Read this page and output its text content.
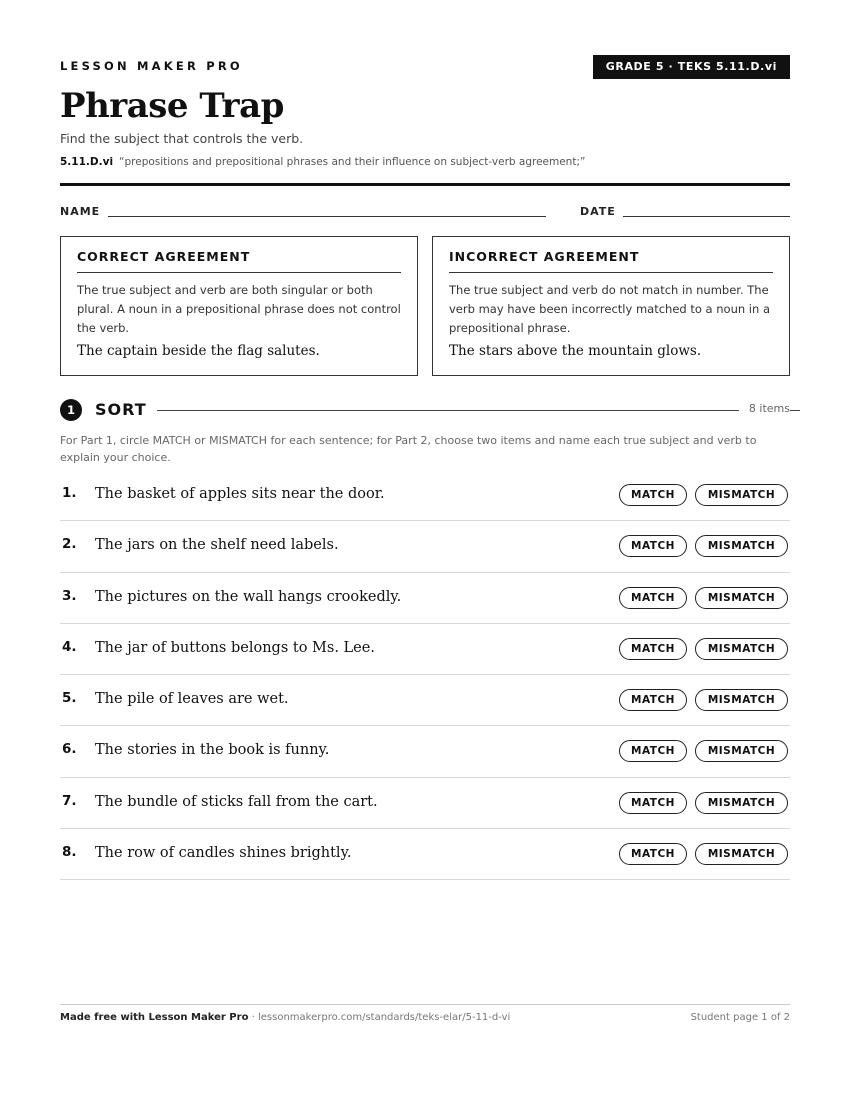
LESSON MAKER PRO	GRADE 5 · TEKS 5.11.D.vi
Phrase Trap
Find the subject that controls the verb.
5.11.D.vi “prepositions and prepositional phrases and their influence on subject-verb agreement;”
NAME	DATE
CORRECT AGREEMENT
The true subject and verb are both singular or both plural. A noun in a prepositional phrase does not control the verb.
The captain beside the flag salutes.
INCORRECT AGREEMENT
The true subject and verb do not match in number. The verb may have been incorrectly matched to a noun in a prepositional phrase.
The stars above the mountain glows.
1	SORT	8 items
For Part 1, circle MATCH or MISMATCH for each sentence; for Part 2, choose two items and name each true subject and verb to explain your choice.
1. The basket of apples sits near the door.	MATCH	MISMATCH
2. The jars on the shelf need labels.	MATCH	MISMATCH
3. The pictures on the wall hangs crookedly.	MATCH	MISMATCH
4. The jar of buttons belongs to Ms. Lee.	MATCH	MISMATCH
5. The pile of leaves are wet.	MATCH	MISMATCH
6. The stories in the book is funny.	MATCH	MISMATCH
7. The bundle of sticks fall from the cart.	MATCH	MISMATCH
8. The row of candles shines brightly.	MATCH	MISMATCH
Made free with Lesson Maker Pro · lessonmakerpro.com/standards/teks-elar/5-11-d-vi	Student page 1 of 2
